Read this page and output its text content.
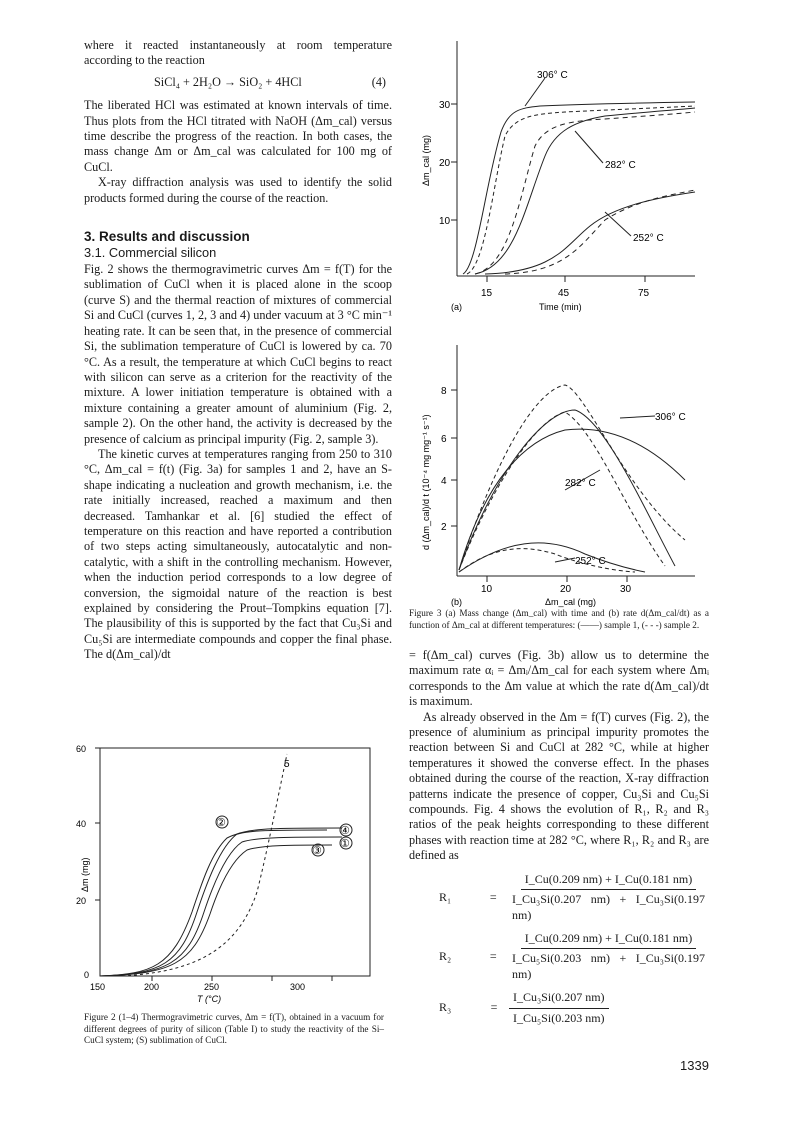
where it reacted instantaneously at room temperature according to the reaction

SiCl₄ + 2H₂O → SiO₂ + 4HCl	(4)

The liberated HCl was estimated at known intervals of time. Thus plots from the HCl titrated with NaOH (Δm_cal) versus time describe the progress of the reaction. In both cases, the mass change Δm or Δm_cal was calculated for 100 mg of CuCl.

X-ray diffraction analysis was used to identify the solid products formed during the course of the reaction.

3. Results and discussion
3.1. Commercial silicon

Fig. 2 shows the thermogravimetric curves Δm = f(T) for the sublimation of CuCl when it is placed alone in the scoop (curve S) and the thermal reaction of mixtures of commercial Si and CuCl (curves 1, 2, 3 and 4) under vacuum at 3 °C min⁻¹ heating rate. It can be seen that, in the presence of commercial Si, the sublimation temperature of CuCl is lowered by ca. 70 °C. As a result, the temperature at which CuCl begins to react with silicon can serve as a criterion for the reactivity of the mixture. A lower initiation temperature is obtained with a mixture containing a greater amount of aluminium (Fig. 2, sample 2). On the other hand, the activity is decreased by the presence of calcium as principal impurity (Fig. 2, sample 3).

The kinetic curves at temperatures ranging from 250 to 310 °C, Δm_cal = f(t) (Fig. 3a) for samples 1 and 2, have an S-shape indicating a nucleation and growth mechanism, i.e. the rate initially increased, reached a maximum and then decreased. Tamhankar et al. [6] studied the effect of temperature on this reaction and have reported a contribution of two steps acting simultaneously, autocatalytic and non-catalytic, with a shift in the controlling mechanism. However, when the induction period corresponds to a low degree of conversion, the sigmoidal nature of the reaction is best explained by considering the Prout–Tompkins equation [7]. The plausibility of this is supported by the fact that Cu₃Si and Cu₅Si are intermediate compounds and copper the final phase. The d(Δm_cal)/dt

5
②
④
①
③
60
40
20
0
150	200	250	300
T (°C)
Δm (mg)
Figure 2 (1–4) Thermogravimetric curves, Δm = f(T), obtained in a vacuum for different degrees of purity of silicon (Table I) to study the reactivity of the Si–CuCl system; (S) sublimation of CuCl.
306° C
282° C
252° C
30
20
10
15	45	75
Time (min)
(a)
Δm_cal (mg)
306° C
282° C
252° C
8
6
4
2
10	20	30
Δm_cal (mg)
(b)
d (Δm_cal)/d t (10⁻⁴ mg mg⁻¹ s⁻¹)
Figure 3 (a) Mass change (Δm_cal) with time and (b) rate d(Δm_cal/dt) as a function of Δm_cal at different temperatures: (——) sample 1, (- - -) sample 2.

= f(Δm_cal) curves (Fig. 3b) allow us to determine the maximum rate αᵢ = Δmᵢ/Δm_cal for each system where Δmᵢ corresponds to the Δm value at which the rate d(Δm_cal)/dt is maximum.

As already observed in the Δm = f(T) curves (Fig. 2), the presence of aluminium as principal impurity promotes the reaction between Si and CuCl at 282 °C, while at higher temperatures it showed the converse effect. In the phases obtained during the course of the reaction, X-ray diffraction patterns indicate the presence of copper, Cu₃Si and Cu₅Si compounds. Fig. 4 shows the evolution of R₁, R₂ and R₃ ratios of the peak heights corresponding to these different phases with reaction time at 282 °C, where R₁, R₂ and R₃ are defined as

R₁	= $\frac{I\_Cu(0.209 nm) + I\_Cu(0.181 nm)}{\text{I\_Cu₃Si(0.207 nm) + I\_Cu₃Si(0.197 nm)}}$
R₂	= $\frac{I\_Cu(0.209 nm) + I\_Cu(0.181 nm)}{\text{I\_Cu₅Si(0.203 nm) + I\_Cu₃Si(0.197 nm)}}$
R₃	= $\frac{\text{I\_Cu₃Si(0.207 nm)}}{\text{I\_Cu₅Si(0.203 nm)}}$
1339
